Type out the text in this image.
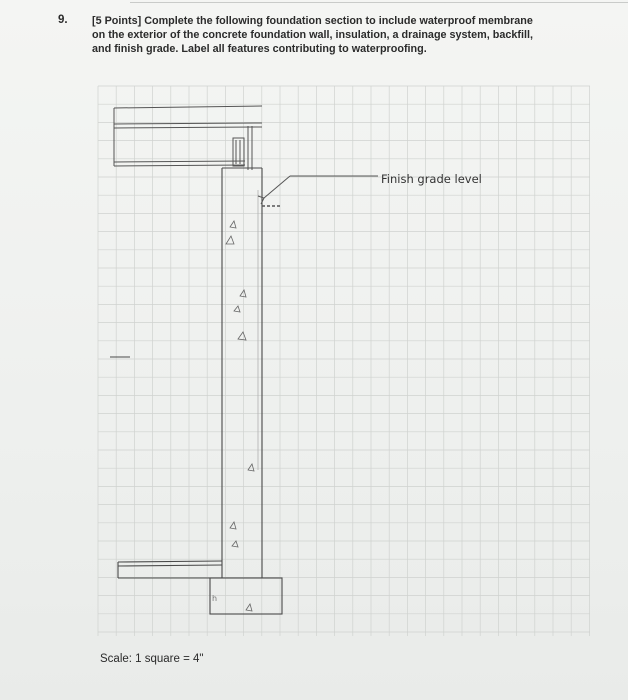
9. [5 Points] Complete the following foundation section to include waterproof membrane
on the exterior of the concrete foundation wall, insulation, a drainage system, backfill,
and finish grade. Label all features contributing to waterproofing.
Finish grade level
h
Scale: 1 square = 4"
